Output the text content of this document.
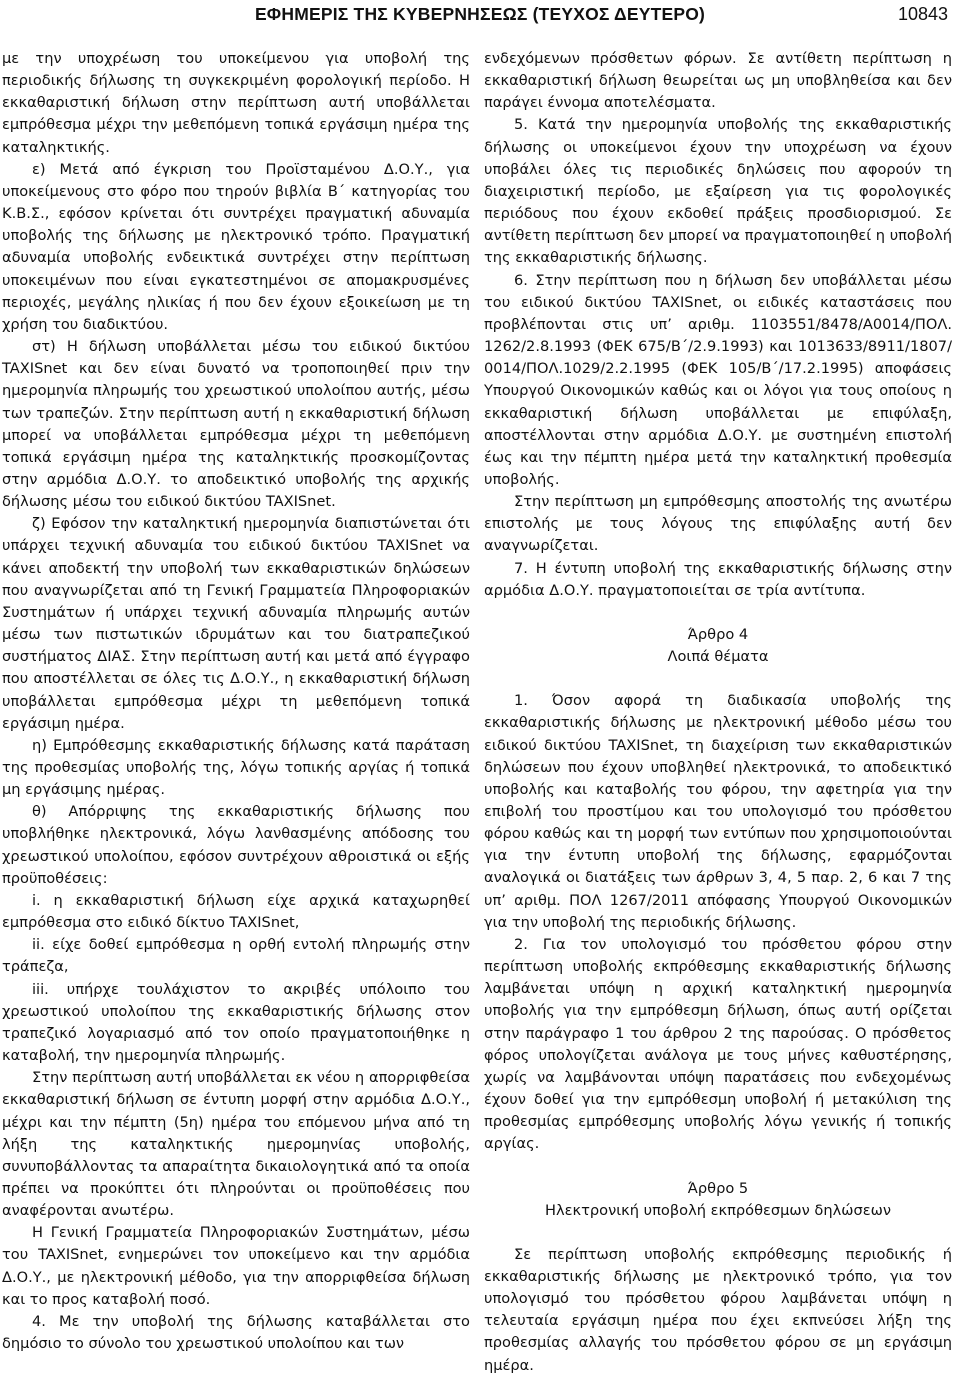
ΕΦΗΜΕΡΙΣ ΤΗΣ ΚΥΒΕΡΝΗΣΕΩΣ (ΤΕΥΧΟΣ ΔΕΥΤΕΡΟ)	10843

με την υποχρέωση του υποκείμενου για υποβολή της περιοδικής δήλωσης τη συγκεκριμένη φορολογική περίοδο. Η εκκαθαριστική δήλωση στην περίπτωση αυτή υποβάλλεται εμπρόθεσμα μέχρι την μεθεπόμενη τοπικά εργάσιμη ημέρα της καταληκτικής.

ε) Μετά από έγκριση του Προϊσταμένου Δ.Ο.Υ., για υποκείμενους στο φόρο που τηρούν βιβλία Β΄ κατηγορίας του Κ.Β.Σ., εφόσον κρίνεται ότι συντρέχει πραγματική αδυναμία υποβολής της δήλωσης με ηλεκτρονικό τρόπο. Πραγματική αδυναμία υποβολής ενδεικτικά συντρέχει στην περίπτωση υποκειμένων που είναι εγκατεστημένοι σε απομακρυσμένες περιοχές, μεγάλης ηλικίας ή που δεν έχουν εξοικείωση με τη χρήση του διαδικτύου.

στ) Η δήλωση υποβάλλεται μέσω του ειδικού δικτύου TAXISnet και δεν είναι δυνατό να τροποποιηθεί πριν την ημερομηνία πληρωμής του χρεωστικού υπολοίπου αυτής, μέσω των τραπεζών. Στην περίπτωση αυτή η εκκαθαριστική δήλωση μπορεί να υποβάλλεται εμπρόθεσμα μέχρι τη μεθεπόμενη τοπικά εργάσιμη ημέρα της καταληκτικής προσκομίζοντας στην αρμόδια Δ.Ο.Υ. το αποδεικτικό υποβολής της αρχικής δήλωσης μέσω του ειδικού δικτύου TAXISnet.

ζ) Εφόσον την καταληκτική ημερομηνία διαπιστώνεται ότι υπάρχει τεχνική αδυναμία του ειδικού δικτύου TAXISnet να κάνει αποδεκτή την υποβολή των εκκαθαριστικών δηλώσεων που αναγνωρίζεται από τη Γενική Γραμματεία Πληροφοριακών Συστημάτων ή υπάρχει τεχνική αδυναμία πληρωμής αυτών μέσω των πιστωτικών ιδρυμάτων και του διατραπεζικού συστήματος ΔΙΑΣ. Στην περίπτωση αυτή και μετά από έγγραφο που αποστέλλεται σε όλες τις Δ.Ο.Υ., η εκκαθαριστική δήλωση υποβάλλεται εμπρόθεσμα μέχρι τη μεθεπόμενη τοπικά εργάσιμη ημέρα.

η) Εμπρόθεσμης εκκαθαριστικής δήλωσης κατά παράταση της προθεσμίας υποβολής της, λόγω τοπικής αργίας ή τοπικά μη εργάσιμης ημέρας.

θ) Απόρριψης της εκκαθαριστικής δήλωσης που υποβλήθηκε ηλεκτρονικά, λόγω λανθασμένης απόδοσης του χρεωστικού υπολοίπου, εφόσον συντρέχουν αθροιστικά οι εξής προϋποθέσεις:

i. η εκκαθαριστική δήλωση είχε αρχικά καταχωρηθεί εμπρόθεσμα στο ειδικό δίκτυο TAXISnet,

ii. είχε δοθεί εμπρόθεσμα η ορθή εντολή πληρωμής στην τράπεζα,

iii. υπήρχε τουλάχιστον το ακριβές υπόλοιπο του χρεωστικού υπολοίπου της εκκαθαριστικής δήλωσης στον τραπεζικό λογαριασμό από τον οποίο πραγματοποιήθηκε η καταβολή, την ημερομηνία πληρωμής.

Στην περίπτωση αυτή υποβάλλεται εκ νέου η απορριφθείσα εκκαθαριστική δήλωση σε έντυπη μορφή στην αρμόδια Δ.Ο.Υ., μέχρι και την πέμπτη (5η) ημέρα του επόμενου μήνα από τη λήξη της καταληκτικής ημερομηνίας υποβολής, συνυποβάλλοντας τα απαραίτητα δικαιολογητικά από τα οποία πρέπει να προκύπτει ότι πληρούνται οι προϋποθέσεις που αναφέρονται ανωτέρω.

Η Γενική Γραμματεία Πληροφοριακών Συστημάτων, μέσω του TAXISnet, ενημερώνει τον υποκείμενο και την αρμόδια Δ.Ο.Υ., με ηλεκτρονική μέθοδο, για την απορριφθείσα δήλωση και το προς καταβολή ποσό.

4. Με την υποβολή της δήλωσης καταβάλλεται στο δημόσιο το σύνολο του χρεωστικού υπολοίπου και των

ενδεχόμενων πρόσθετων φόρων. Σε αντίθετη περίπτωση η εκκαθαριστική δήλωση θεωρείται ως μη υποβληθείσα και δεν παράγει έννομα αποτελέσματα.

5. Κατά την ημερομηνία υποβολής της εκκαθαριστικής δήλωσης οι υποκείμενοι έχουν την υποχρέωση να έχουν υποβάλει όλες τις περιοδικές δηλώσεις που αφορούν τη διαχειριστική περίοδο, με εξαίρεση για τις φορολογικές περιόδους που έχουν εκδοθεί πράξεις προσδιορισμού. Σε αντίθετη περίπτωση δεν μπορεί να πραγματοποιηθεί η υποβολή της εκκαθαριστικής δήλωσης.

6. Στην περίπτωση που η δήλωση δεν υποβάλλεται μέσω του ειδικού δικτύου TAXISnet, οι ειδικές καταστάσεις που προβλέπονται στις υπ’ αριθμ. 1103551/8478/Α0014/ΠΟΛ. 1262/2.8.1993 (ΦΕΚ 675/Β΄/2.9.1993) και 1013633/8911/1807/ 0014/ΠΟΛ.1029/2.2.1995 (ΦΕΚ 105/Β΄/17.2.1995) αποφάσεις Υπουργού Οικονομικών καθώς και οι λόγοι για τους οποίους η εκκαθαριστική δήλωση υποβάλλεται με επιφύλαξη, αποστέλλονται στην αρμόδια Δ.Ο.Υ. με συστημένη επιστολή έως και την πέμπτη ημέρα μετά την καταληκτική προθεσμία υποβολής.

Στην περίπτωση μη εμπρόθεσμης αποστολής της ανωτέρω επιστολής με τους λόγους της επιφύλαξης αυτή δεν αναγνωρίζεται.

7. Η έντυπη υποβολή της εκκαθαριστικής δήλωσης στην αρμόδια Δ.Ο.Υ. πραγματοποιείται σε τρία αντίτυπα.

Άρθρο 4

Λοιπά θέματα

1. Όσον αφορά τη διαδικασία υποβολής της εκκαθαριστικής δήλωσης με ηλεκτρονική μέθοδο μέσω του ειδικού δικτύου TAXISnet, τη διαχείριση των εκκαθαριστικών δηλώσεων που έχουν υποβληθεί ηλεκτρονικά, το αποδεικτικό υποβολής και καταβολής του φόρου, την αφετηρία για την επιβολή του προστίμου και του υπολογισμό του πρόσθετου φόρου καθώς και τη μορφή των εντύπων που χρησιμοποιούνται για την έντυπη υποβολή της δήλωσης, εφαρμόζονται αναλογικά οι διατάξεις των άρθρων 3, 4, 5 παρ. 2, 6 και 7 της υπ’ αριθμ. ΠΟΛ 1267/2011 απόφασης Υπουργού Οικονομικών για την υποβολή της περιοδικής δήλωσης.

2. Για τον υπολογισμό του πρόσθετου φόρου στην περίπτωση υποβολής εκπρόθεσμης εκκαθαριστικής δήλωσης λαμβάνεται υπόψη η αρχική καταληκτική ημερομηνία υποβολής για την εμπρόθεσμη δήλωση, όπως αυτή ορίζεται στην παράγραφο 1 του άρθρου 2 της παρούσας. Ο πρόσθετος φόρος υπολογίζεται ανάλογα με τους μήνες καθυστέρησης, χωρίς να λαμβάνονται υπόψη παρατάσεις που ενδεχομένως έχουν δοθεί για την εμπρόθεσμη υποβολή ή μετακύλιση της προθεσμίας εμπρόθεσμης υποβολής λόγω γενικής ή τοπικής αργίας.

Άρθρο 5

Ηλεκτρονική υποβολή εκπρόθεσμων δηλώσεων

Σε περίπτωση υποβολής εκπρόθεσμης περιοδικής ή εκκαθαριστικής δήλωσης με ηλεκτρονικό τρόπο, για τον υπολογισμό του πρόσθετου φόρου λαμβάνεται υπόψη η τελευταία εργάσιμη ημέρα που έχει εκπνεύσει λήξη της προθεσμίας αλλαγής του πρόσθετου φόρου σε μη εργάσιμη ημέρα.
